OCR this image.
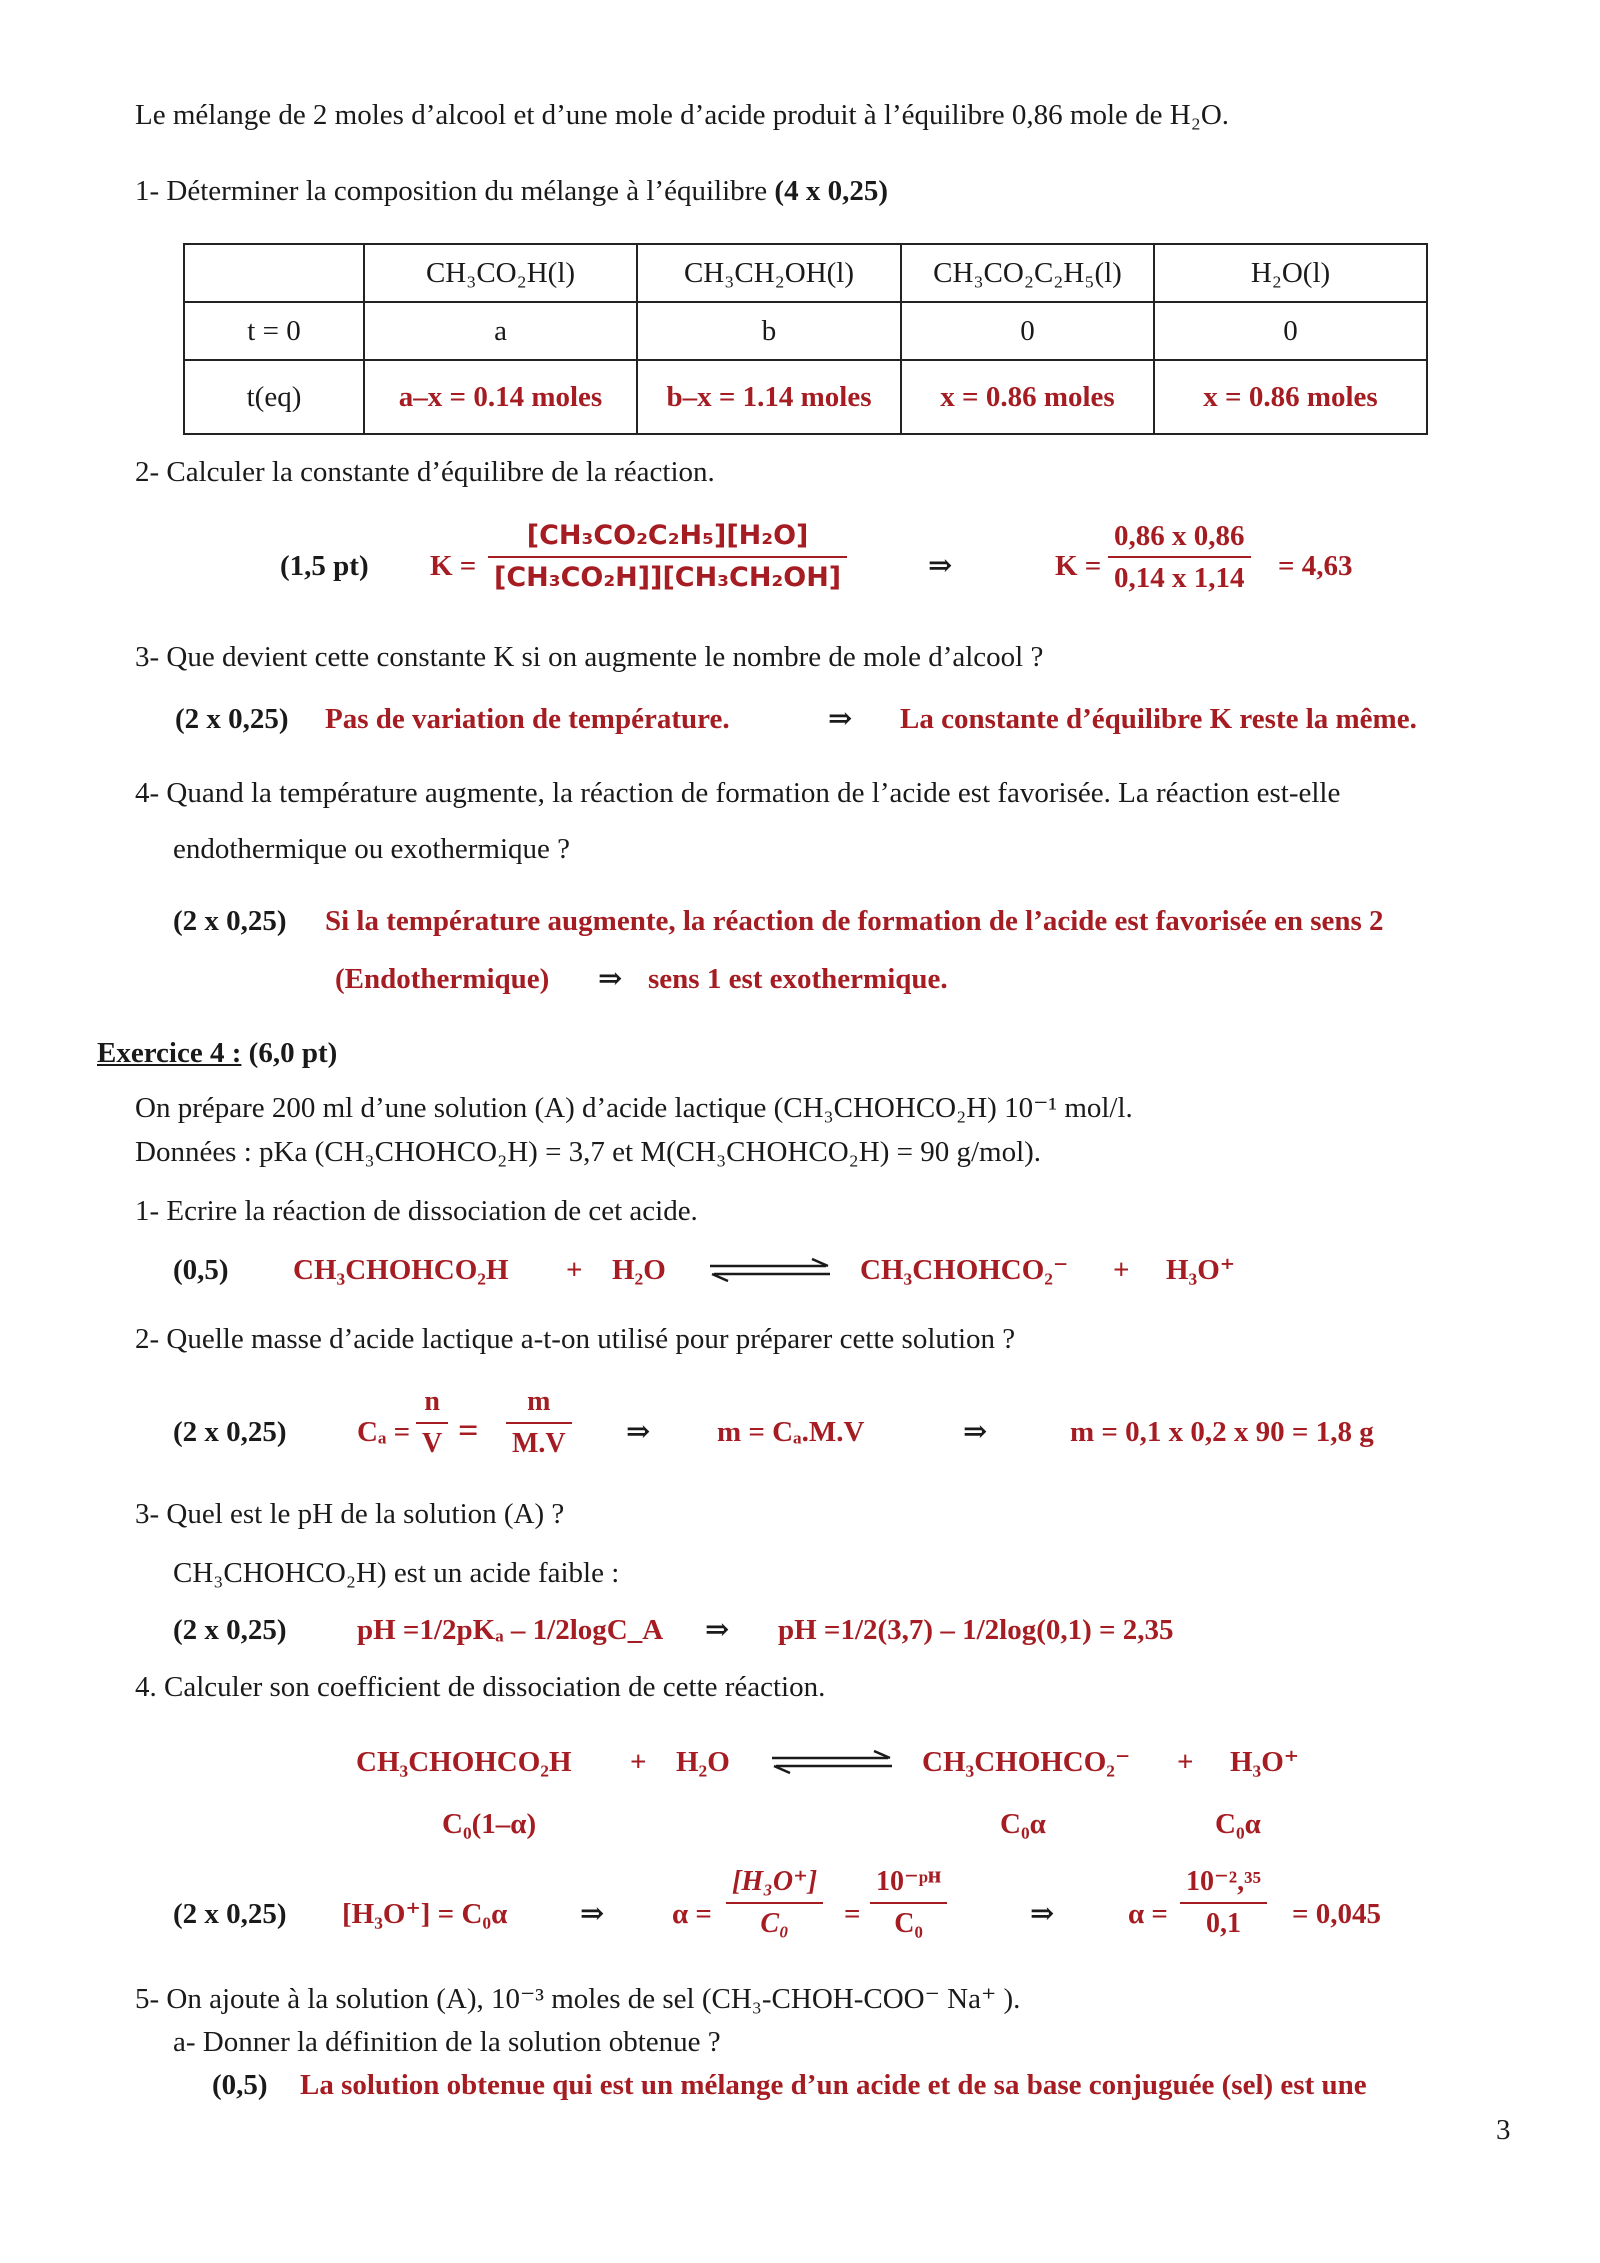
Le mélange de 2 moles d’alcool et d’une mole d’acide produit à l’équilibre 0,86 mole de H₂O.
1- Déterminer la composition du mélange à l’équilibre (4 x 0,25)
	CH₃CO₂H(l)	CH₃CH₂OH(l)	CH₃CO₂C₂H₅(l)	H₂O(l)
t = 0	a	b	0	0
t(eq)	a–x = 0.14 moles	b–x = 1.14 moles	x = 0.86 moles	x = 0.86 moles
2- Calculer la constante d’équilibre de la réaction.
(1,5 pt) $K = \frac{\text{[CH₃CO₂C₂H₅][H₂O]}}{\text{[CH₃CO₂H]][CH₃CH₂OH]}}$	⇒	$K = \frac{0,86 x 0,86}{0,14 x 1,14} = 4,63$
3- Que devient cette constante K si on augmente le nombre de mole d’alcool ?
(2 x 0,25) Pas de variation de température.	⇒ La constante d’équilibre K reste la même.
4- Quand la température augmente, la réaction de formation de l’acide est favorisée. La réaction est-elle
endothermique ou exothermique ?
(2 x 0,25) Si la température augmente, la réaction de formation de l’acide est favorisée en sens 2
(Endothermique) ⇒ sens 1 est exothermique.
Exercice 4 : (6,0 pt)
On prépare 200 ml d’une solution (A) d’acide lactique (CH₃CHOHCO₂H) 10⁻¹ mol/l.
Données : pKa (CH₃CHOHCO₂H) = 3,7 et M(CH₃CHOHCO₂H) = 90 g/mol).
1- Ecrire la réaction de dissociation de cet acide.
(0,5) CH₃CHOHCO₂H + H₂O	CH₃CHOHCO₂⁻ + H₃O⁺
2- Quelle masse d’acide lactique a-t-on utilisé pour préparer cette solution ?
(2 x 0,25) $C_a = \frac{n}{V} = \frac{m}{M.V}$ ⇒ m = Cₐ.M.V	⇒	m = 0,1 x 0,2 x 90 = 1,8 g
3- Quel est le pH de la solution (A) ?
CH₃CHOHCO₂H) est un acide faible :
(2 x 0,25) pH =1/2pKₐ – 1/2logC_A ⇒ pH =1/2(3,7) – 1/2log(0,1) = 2,35
4. Calculer son coefficient de dissociation de cette réaction.
CH₃CHOHCO₂H + H₂O	CH₃CHOHCO₂⁻ + H₃O⁺
C₀(1–α)	C₀α	C₀α
(2 x 0,25) [H₃O⁺] = C₀α	⇒ $\alpha = \frac{\text{[H₃O⁺]}}{\text{C₀}} = \frac{\text{10⁻ᵖᴴ}}{\text{C₀}}$	⇒	$\alpha = \frac{\text{10⁻²,³⁵}}{0,1} = 0,045$
5- On ajoute à la solution (A), 10⁻³ moles de sel (CH₃-CHOH-COO⁻ Na⁺ ).
a- Donner la définition de la solution obtenue ?
(0,5) La solution obtenue qui est un mélange d’un acide et de sa base conjuguée (sel) est une
3
